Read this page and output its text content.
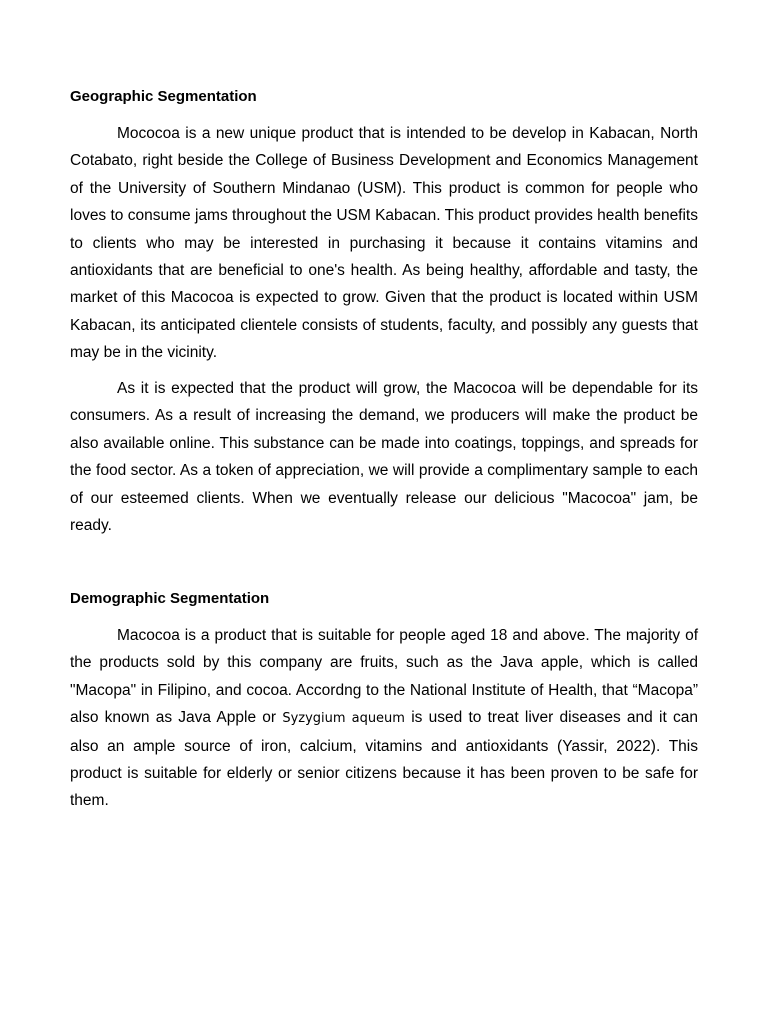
Geographic Segmentation

Mococoa is a new unique product that is intended to be develop in Kabacan, North Cotabato, right beside the College of Business Development and Economics Management of the University of Southern Mindanao (USM). This product is common for people who loves to consume jams throughout the USM Kabacan. This product provides health benefits to clients who may be interested in purchasing it because it contains vitamins and antioxidants that are beneficial to one's health. As being healthy, affordable and tasty, the market of this Macocoa is expected to grow. Given that the product is located within USM Kabacan, its anticipated clientele consists of students, faculty, and possibly any guests that may be in the vicinity.

As it is expected that the product will grow, the Macocoa will be dependable for its consumers. As a result of increasing the demand, we producers will make the product be also available online. This substance can be made into coatings, toppings, and spreads for the food sector. As a token of appreciation, we will provide a complimentary sample to each of our esteemed clients. When we eventually release our delicious "Macocoa" jam, be ready.

Demographic Segmentation

Macocoa is a product that is suitable for people aged 18 and above. The majority of the products sold by this company are fruits, such as the Java apple, which is called "Macopa" in Filipino, and cocoa. Accordng to the National Institute of Health, that “Macopa” also known as Java Apple or Syzygium aqueum is used to treat liver diseases and it can also an ample source of iron, calcium, vitamins and antioxidants (Yassir, 2022). This product is suitable for elderly or senior citizens because it has been proven to be safe for them.
